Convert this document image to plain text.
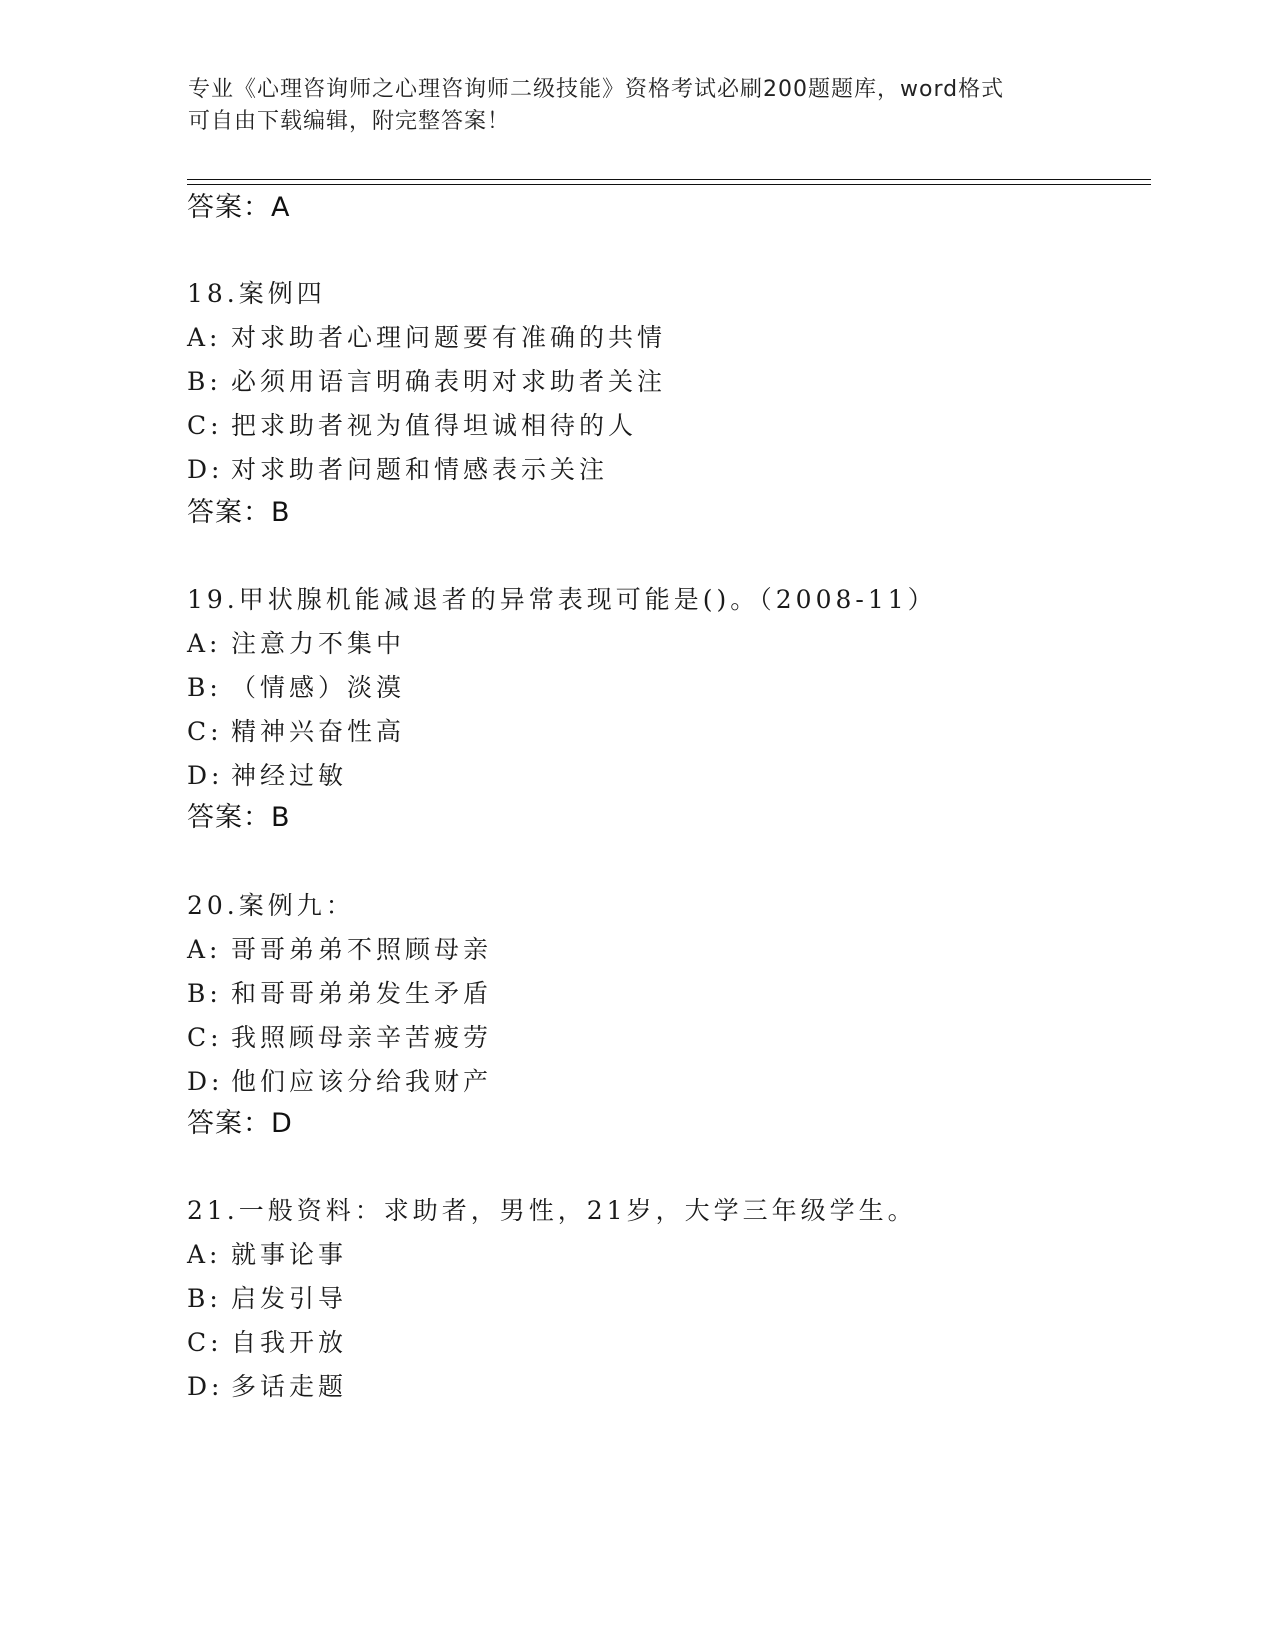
专业《心理咨询师之心理咨询师二级技能》资格考试必刷200题题库，word格式
可自由下载编辑，附完整答案！
答案：A
18.案例四
A: 对求助者心理问题要有准确的共情
B: 必须用语言明确表明对求助者关注
C: 把求助者视为值得坦诚相待的人
D: 对求助者问题和情感表示关注
答案：B
19.甲状腺机能减退者的异常表现可能是()。（2008-11）
A: 注意力不集中
B: （情感）淡漠
C: 精神兴奋性高
D: 神经过敏
答案：B
20.案例九：
A: 哥哥弟弟不照顾母亲
B: 和哥哥弟弟发生矛盾
C: 我照顾母亲辛苦疲劳
D: 他们应该分给我财产
答案：D
21.一般资料：求助者，男性，21岁，大学三年级学生。
A: 就事论事
B: 启发引导
C: 自我开放
D: 多话走题
